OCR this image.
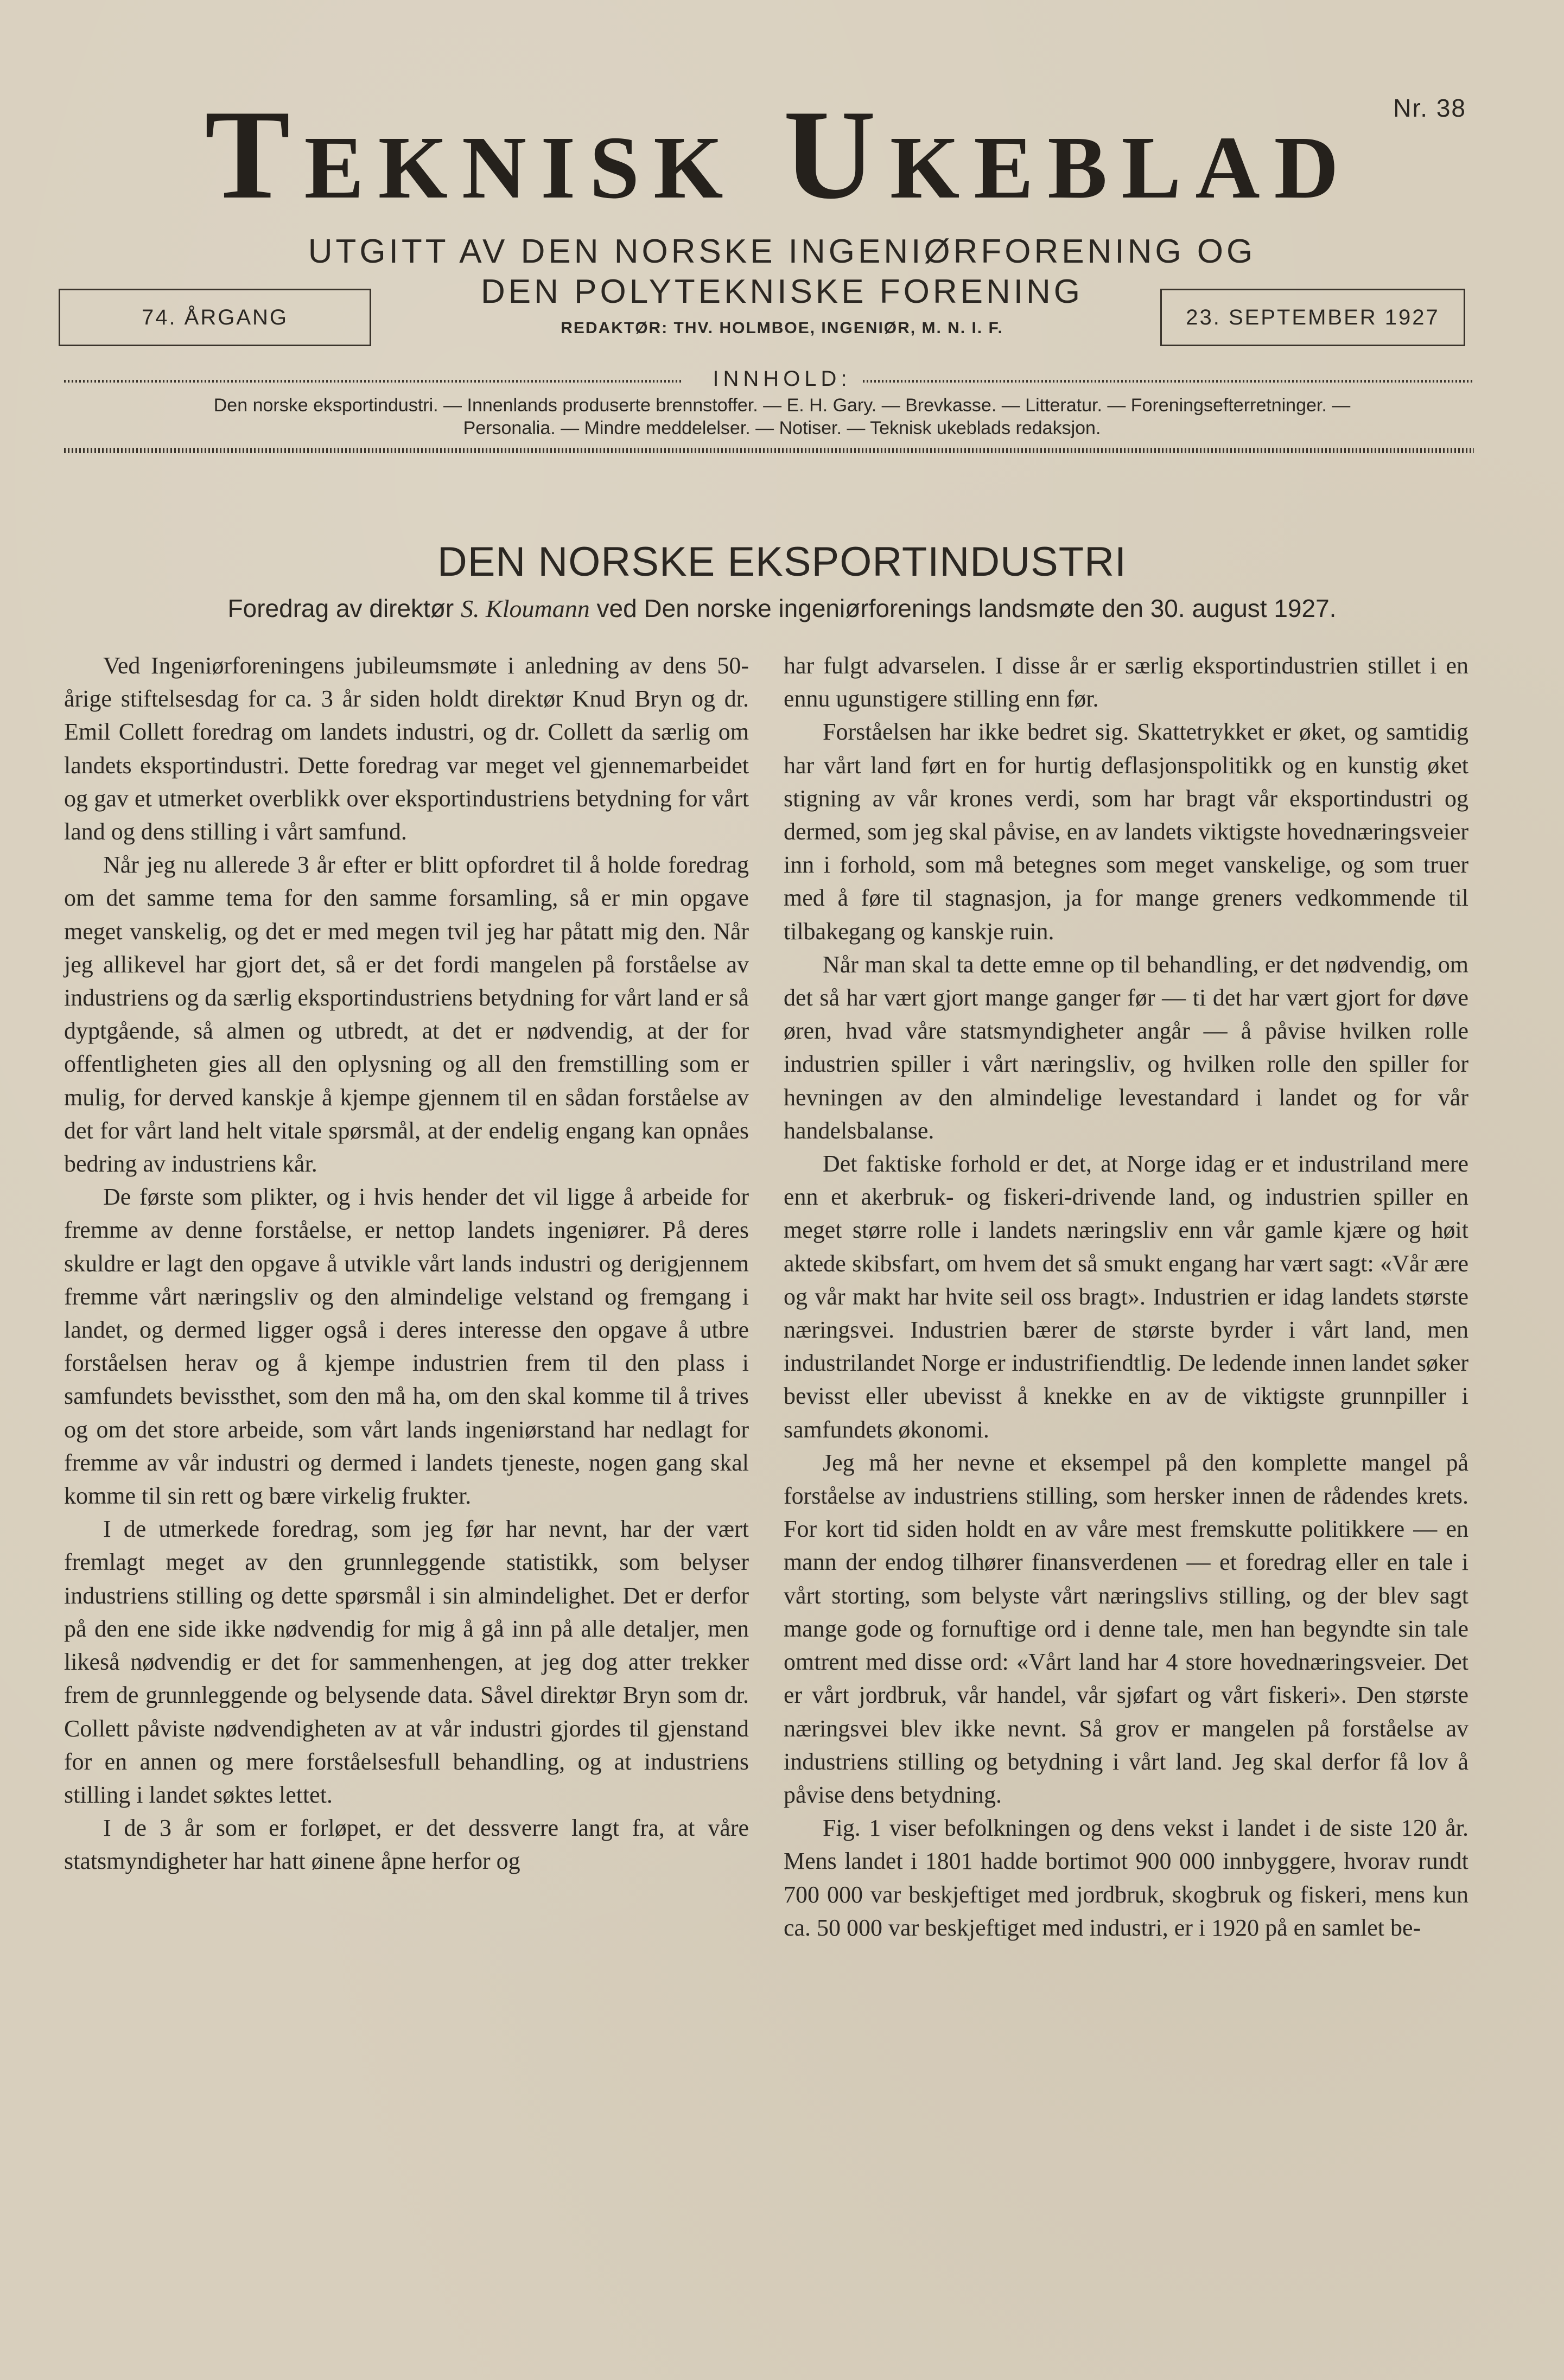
Nr. 38
Teknisk Ukeblad
UTGITT AV DEN NORSKE INGENIØRFORENING OG
DEN POLYTEKNISKE FORENING
REDAKTØR: THV. HOLMBOE, INGENIØR, M. N. I. F.
74. ÅRGANG	23. SEPTEMBER 1927
INNHOLD:
Den norske eksportindustri. — Innenlands produserte brennstoffer. — E. H. Gary. — Brevkasse. — Litteratur. — Foreningsefterretninger. —
Personalia. — Mindre meddelelser. — Notiser. — Teknisk ukeblads redaksjon.
DEN NORSKE EKSPORTINDUSTRI
Foredrag av direktør S. Kloumann ved Den norske ingeniørforenings landsmøte den 30. august 1927.

Ved Ingeniørforeningens jubileumsmøte i anledning av dens 50-årige stiftelsesdag for ca. 3 år siden holdt direktør Knud Bryn og dr. Emil Collett foredrag om landets industri, og dr. Collett da særlig om landets eksportindustri. Dette foredrag var meget vel gjennemarbeidet og gav et utmerket overblikk over eksportindustriens betydning for vårt land og dens stilling i vårt samfund.

Når jeg nu allerede 3 år efter er blitt opfordret til å holde foredrag om det samme tema for den samme forsamling, så er min opgave meget vanskelig, og det er med megen tvil jeg har påtatt mig den. Når jeg allikevel har gjort det, så er det fordi mangelen på forståelse av industriens og da særlig eksportindustriens betydning for vårt land er så dyptgående, så almen og utbredt, at det er nødvendig, at der for offentligheten gies all den oplysning og all den fremstilling som er mulig, for derved kanskje å kjempe gjennem til en sådan forståelse av det for vårt land helt vitale spørsmål, at der endelig engang kan opnåes bedring av industriens kår.

De første som plikter, og i hvis hender det vil ligge å arbeide for fremme av denne forståelse, er nettop landets ingeniører. På deres skuldre er lagt den opgave å utvikle vårt lands industri og derigjennem fremme vårt næringsliv og den almindelige velstand og fremgang i landet, og dermed ligger også i deres interesse den opgave å utbre forståelsen herav og å kjempe industrien frem til den plass i samfundets bevissthet, som den må ha, om den skal komme til å trives og om det store arbeide, som vårt lands ingeniørstand har nedlagt for fremme av vår industri og dermed i landets tjeneste, nogen gang skal komme til sin rett og bære virkelig frukter.

I de utmerkede foredrag, som jeg før har nevnt, har der vært fremlagt meget av den grunnleggende statistikk, som belyser industriens stilling og dette spørsmål i sin almindelighet. Det er derfor på den ene side ikke nødvendig for mig å gå inn på alle detaljer, men likeså nødvendig er det for sammenhengen, at jeg dog atter trekker frem de grunnleggende og belysende data. Såvel direktør Bryn som dr. Collett påviste nødvendigheten av at vår industri gjordes til gjenstand for en annen og mere forståelsesfull behandling, og at industriens stilling i landet søktes lettet.

I de 3 år som er forløpet, er det dessverre langt fra, at våre statsmyndigheter har hatt øinene åpne herfor og

har fulgt advarselen. I disse år er særlig eksportindustrien stillet i en ennu ugunstigere stilling enn før.

Forståelsen har ikke bedret sig. Skattetrykket er øket, og samtidig har vårt land ført en for hurtig deflasjonspolitikk og en kunstig øket stigning av vår krones verdi, som har bragt vår eksportindustri og dermed, som jeg skal påvise, en av landets viktigste hovednæringsveier inn i forhold, som må betegnes som meget vanskelige, og som truer med å føre til stagnasjon, ja for mange greners vedkommende til tilbakegang og kanskje ruin.

Når man skal ta dette emne op til behandling, er det nødvendig, om det så har vært gjort mange ganger før — ti det har vært gjort for døve øren, hvad våre statsmyndigheter angår — å påvise hvilken rolle industrien spiller i vårt næringsliv, og hvilken rolle den spiller for hevningen av den almindelige levestandard i landet og for vår handelsbalanse.

Det faktiske forhold er det, at Norge idag er et industriland mere enn et akerbruk- og fiskeri-drivende land, og industrien spiller en meget større rolle i landets næringsliv enn vår gamle kjære og høit aktede skibsfart, om hvem det så smukt engang har vært sagt: «Vår ære og vår makt har hvite seil oss bragt». Industrien er idag landets største næringsvei. Industrien bærer de største byrder i vårt land, men industrilandet Norge er industrifiendtlig. De ledende innen landet søker bevisst eller ubevisst å knekke en av de viktigste grunnpiller i samfundets økonomi.

Jeg må her nevne et eksempel på den komplette mangel på forståelse av industriens stilling, som hersker innen de rådendes krets. For kort tid siden holdt en av våre mest fremskutte politikkere — en mann der endog tilhører finansverdenen — et foredrag eller en tale i vårt storting, som belyste vårt næringslivs stilling, og der blev sagt mange gode og fornuftige ord i denne tale, men han begyndte sin tale omtrent med disse ord: «Vårt land har 4 store hovednæringsveier. Det er vårt jordbruk, vår handel, vår sjøfart og vårt fiskeri». Den største næringsvei blev ikke nevnt. Så grov er mangelen på forståelse av industriens stilling og betydning i vårt land. Jeg skal derfor få lov å påvise dens betydning.

Fig. 1 viser befolkningen og dens vekst i landet i de siste 120 år. Mens landet i 1801 hadde bortimot 900 000 innbyggere, hvorav rundt 700 000 var beskjeftiget med jordbruk, skogbruk og fiskeri, mens kun ca. 50 000 var beskjeftiget med industri, er i 1920 på en samlet be-
